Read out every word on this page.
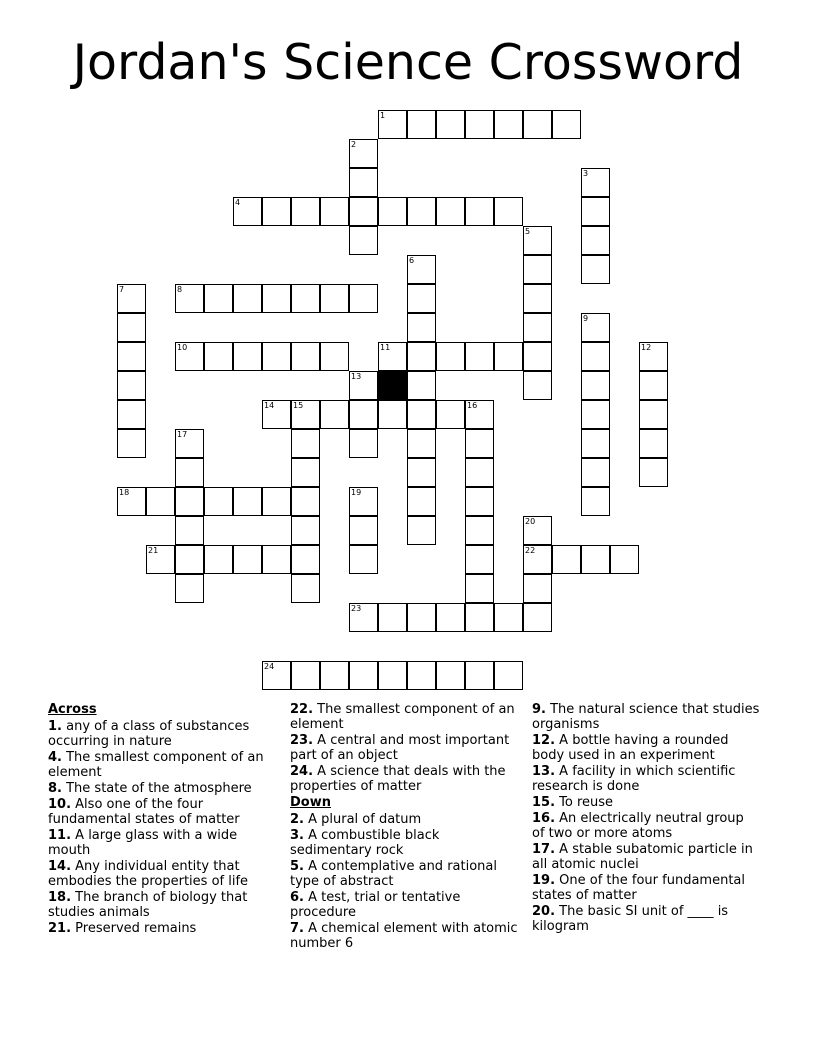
Jordan's Science Crossword
1
2
3
4
5
6
7	8
9
10	11	12
13
14 15	16
17
18	19
20
22
21
23
24
Across
1. any of a class of substances occurring in nature
4. The smallest component of an element
8. The state of the atmosphere
10. Also one of the four fundamental states of matter
11. A large glass with a wide mouth
14. Any individual entity that embodies the properties of life
18. The branch of biology that studies animals
21. Preserved remains
22. The smallest component of an element
23. A central and most important part of an object
24. A science that deals with the properties of matter
Down
2. A plural of datum
3. A combustible black sedimentary rock
5. A contemplative and rational type of abstract
6. A test, trial or tentative procedure
7. A chemical element with atomic number 6
9. The natural science that studies organisms
12. A bottle having a rounded body used in an experiment
13. A facility in which scientific research is done
15. To reuse
16. An electrically neutral group of two or more atoms
17. A stable subatomic particle in all atomic nuclei
19. One of the four fundamental states of matter
20. The basic SI unit of ____ is kilogram
